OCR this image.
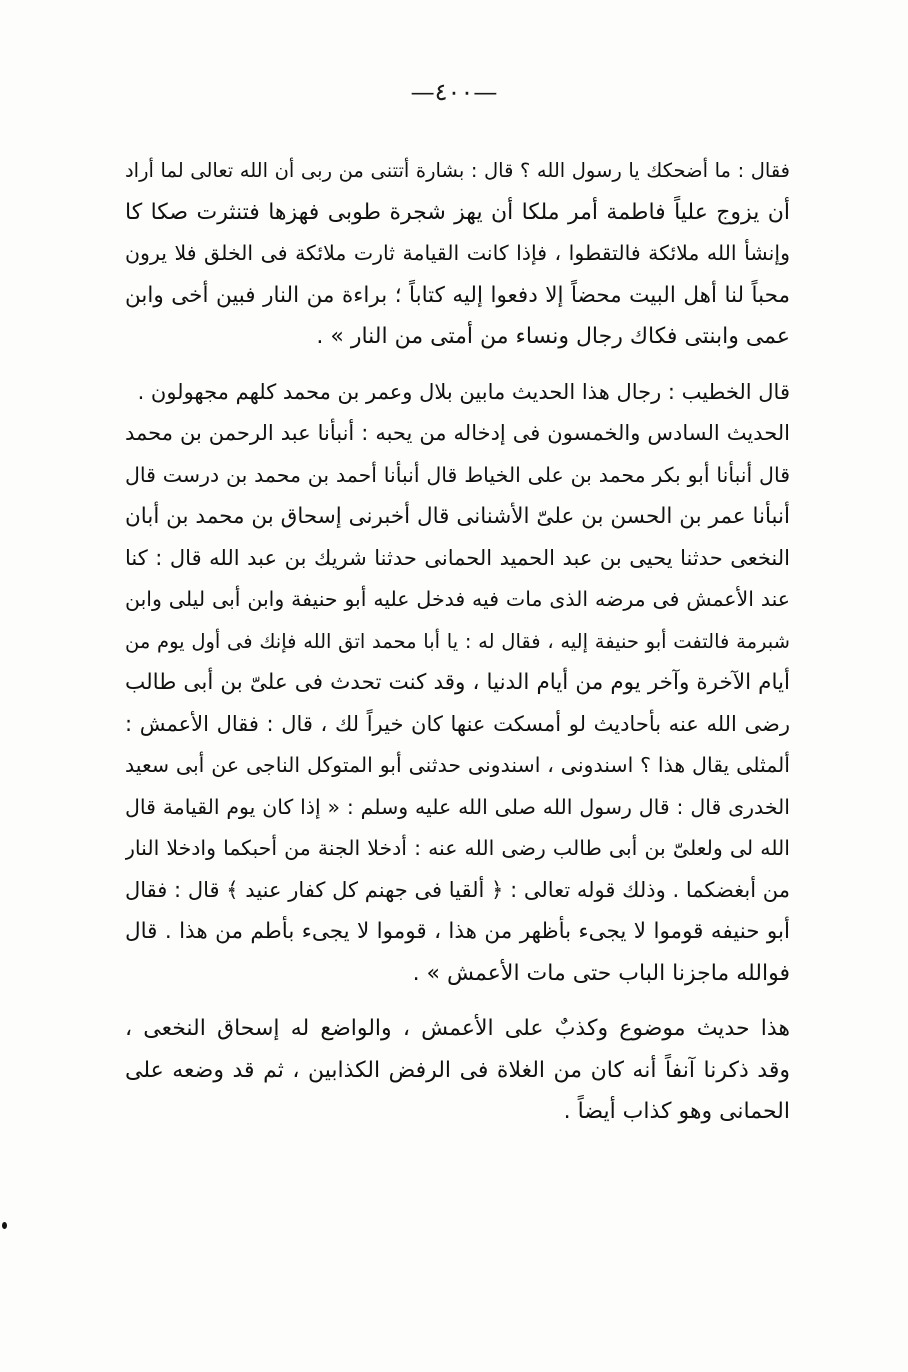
—٤٠٠—
فقال : ما أضحكك يا رسول الله ؟ قال : بشارة أتتنى من ربى أن الله تعالى لما أراد
أن يزوج علياً فاطمة أمر ملكا أن يهز شجرة طوبى فهزها فتنثرت صكا كا
وإنشأ الله ملائكة فالتقطوا ، فإذا كانت القيامة ثارت ملائكة فى الخلق فلا يرون
محباً لنا أهل البيت محضاً إلا دفعوا إليه كتاباً ؛ براءة من النار فبين أخى وابن
عمى وابنتى فكاك رجال ونساء من أمتى من النار » .
قال الخطيب : رجال هذا الحديث مابين بلال وعمر بن محمد كلهم مجهولون .
الحديث السادس والخمسون فى إدخاله من يحبه : أنبأنا عبد الرحمن بن محمد
قال أنبأنا أبو بكر محمد بن على الخياط قال أنبأنا أحمد بن محمد بن درست قال
أنبأنا عمر بن الحسن بن علىّ الأشنانى قال أخبرنى إسحاق بن محمد بن أبان
النخعى حدثنا يحيى بن عبد الحميد الحمانى حدثنا شريك بن عبد الله قال : كنا
عند الأعمش فى مرضه الذى مات فيه فدخل عليه أبو حنيفة وابن أبى ليلى وابن
شبرمة فالتفت أبو حنيفة إليه ، فقال له : يا أبا محمد اتق الله فإنك فى أول يوم من
أيام الآخرة وآخر يوم من أيام الدنيا ، وقد كنت تحدث فى علىّ بن أبى طالب
رضى الله عنه بأحاديث لو أمسكت عنها كان خيراً لك ، قال : فقال الأعمش :
ألمثلى يقال هذا ؟ اسندونى ، اسندونى حدثنى أبو المتوكل الناجى عن أبى سعيد
الخدرى قال : قال رسول الله صلى الله عليه وسلم : « إذا كان يوم القيامة قال
الله لى ولعلىّ بن أبى طالب رضى الله عنه : أدخلا الجنة من أحبكما وادخلا النار
من أبغضكما . وذلك قوله تعالى : ﴿ ألقيا فى جهنم كل كفار عنيد ﴾ قال : فقال
أبو حنيفه قوموا لا يجىء بأظهر من هذا ، قوموا لا يجىء بأطم من هذا . قال
فوالله ماجزنا الباب حتى مات الأعمش » .
هذا حديث موضوع وكذبٌ على الأعمش ، والواضع له إسحاق النخعى ،
وقد ذكرنا آنفاً أنه كان من الغلاة فى الرفض الكذابين ، ثم قد وضعه على
الحمانى وهو كذاب أيضاً .
